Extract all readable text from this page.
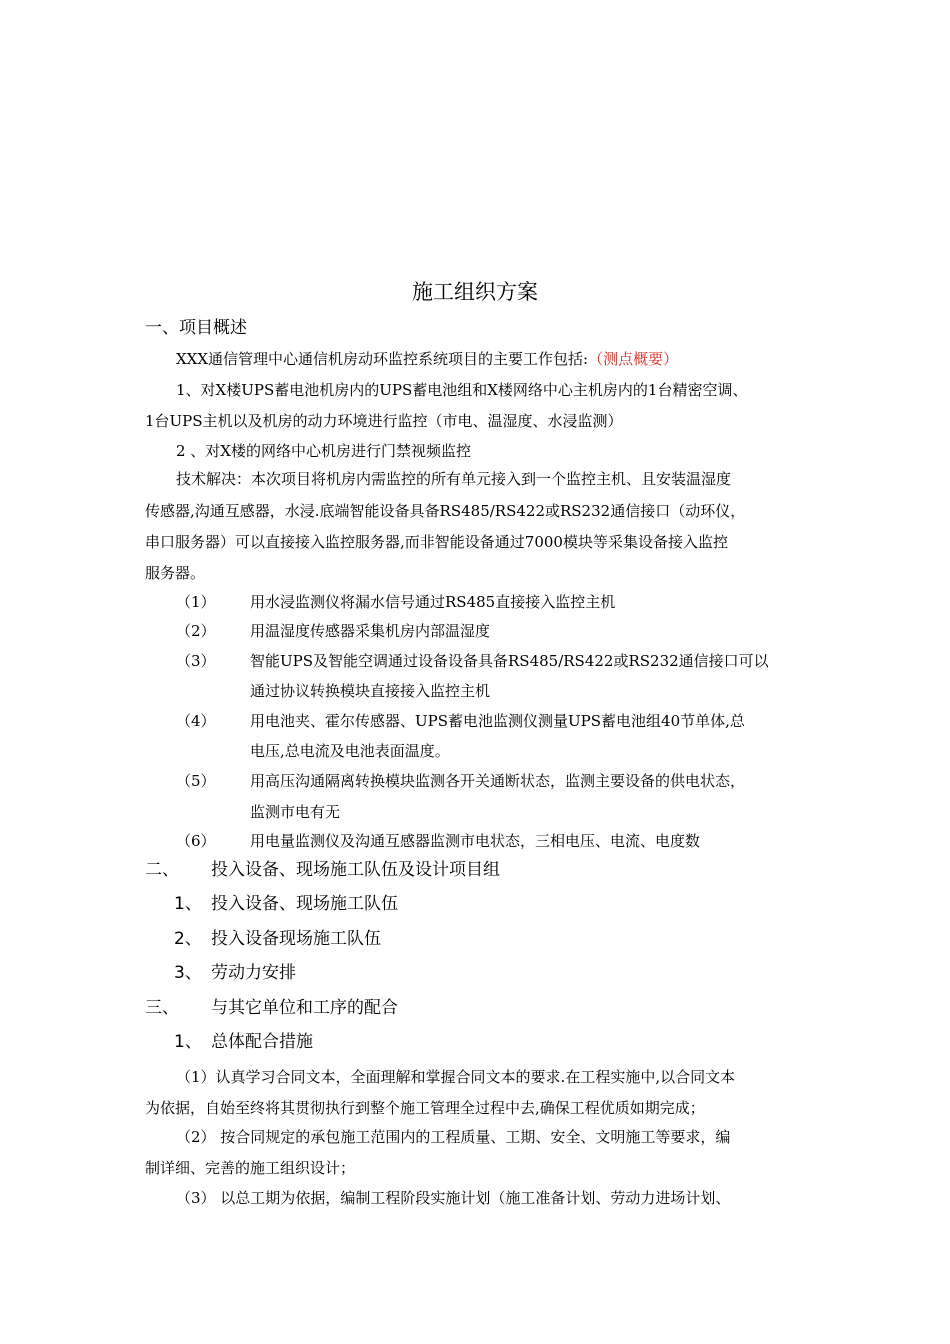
施工组织方案
一、项目概述
XXX通信管理中心通信机房动环监控系统项目的主要工作包括:（测点概要）
1、对X楼UPS蓄电池机房内的UPS蓄电池组和X楼网络中心主机房内的1台精密空调、
1台UPS主机以及机房的动力环境进行监控（市电、温湿度、水浸监测）
2 、对X楼的网络中心机房进行门禁视频监控
技术解决：本次项目将机房内需监控的所有单元接入到一个监控主机、且安装温湿度
传感器,沟通互感器，水浸.底端智能设备具备RS485/RS422或RS232通信接口（动环仪，
串口服务器）可以直接接入监控服务器,而非智能设备通过7000模块等采集设备接入监控
服务器。
（1） 用水浸监测仪将漏水信号通过RS485直接接入监控主机
（2） 用温湿度传感器采集机房内部温湿度
（3） 智能UPS及智能空调通过设备设备具备RS485/RS422或RS232通信接口可以
通过协议转换模块直接接入监控主机
（4） 用电池夹、霍尔传感器、UPS蓄电池监测仪测量UPS蓄电池组40节单体,总
电压,总电流及电池表面温度。
（5） 用高压沟通隔离转换模块监测各开关通断状态，监测主要设备的供电状态，
监测市电有无
（6） 用电量监测仪及沟通互感器监测市电状态，三相电压、电流、电度数
二、 投入设备、现场施工队伍及设计项目组
1、 投入设备、现场施工队伍
2、 投入设备现场施工队伍
3、 劳动力安排
三、 与其它单位和工序的配合
1、 总体配合措施
（1）认真学习合同文本，全面理解和掌握合同文本的要求.在工程实施中,以合同文本
为依据，自始至终将其贯彻执行到整个施工管理全过程中去,确保工程优质如期完成；
（2） 按合同规定的承包施工范围内的工程质量、工期、安全、文明施工等要求，编
制详细、完善的施工组织设计；
（3） 以总工期为依据，编制工程阶段实施计划（施工准备计划、劳动力进场计划、
